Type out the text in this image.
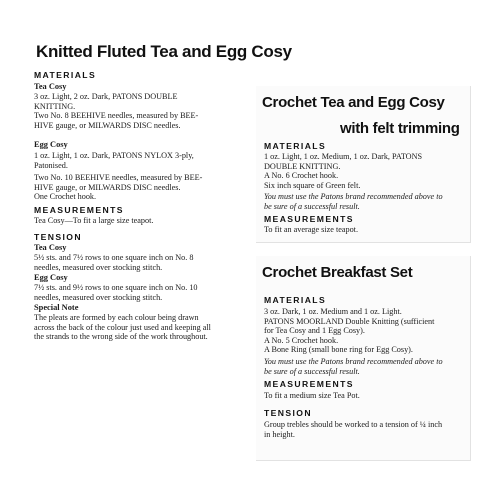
Knitted Fluted Tea and Egg Cosy
MATERIALS
Tea Cosy
3 oz. Light, 2 oz. Dark, PATONS DOUBLE
KNITTING.
Two No. 8 BEEHIVE needles, measured by BEE-
HIVE gauge, or MILWARDS DISC needles.
Egg Cosy
1 oz. Light, 1 oz. Dark, PATONS NYLOX 3-ply,
Patonised.
Two No. 10 BEEHIVE needles, measured by BEE-
HIVE gauge, or MILWARDS DISC needles.
One Crochet hook.
MEASUREMENTS
Tea Cosy—To fit a large size teapot.
TENSION
Tea Cosy
5½ sts. and 7½ rows to one square inch on No. 8
needles, measured over stocking stitch.
Egg Cosy
7½ sts. and 9½ rows to one square inch on No. 10
needles, measured over stocking stitch.
Special Note
The pleats are formed by each colour being drawn
across the back of the colour just used and keeping all
the strands to the wrong side of the work throughout.
Crochet Tea and Egg Cosy
with felt trimming
MATERIALS
1 oz. Light, 1 oz. Medium, 1 oz. Dark, PATONS
DOUBLE KNITTING.
A No. 6 Crochet hook.
Six inch square of Green felt.
You must use the Patons brand recommended above to
be sure of a successful result.
MEASUREMENTS
To fit an average size teapot.
Crochet Breakfast Set
MATERIALS
3 oz. Dark, 1 oz. Medium and 1 oz. Light.
PATONS MOORLAND Double Knitting (sufficient
for Tea Cosy and 1 Egg Cosy).
A No. 5 Crochet hook.
A Bone Ring (small bone ring for Egg Cosy).
You must use the Patons brand recommended above to
be sure of a successful result.
MEASUREMENTS
To fit a medium size Tea Pot.
TENSION
Group trebles should be worked to a tension of ¼ inch
in height.
